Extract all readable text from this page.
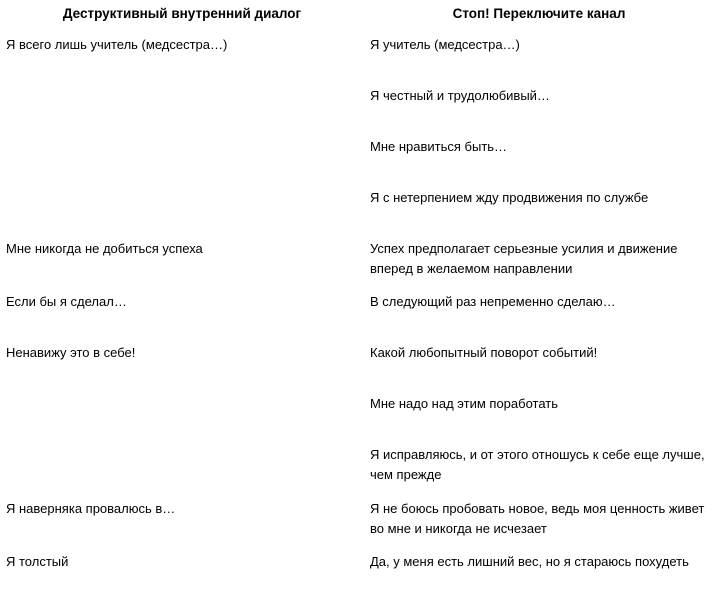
Деструктивный внутренний диалог	Стоп! Переключите канал
Я всего лишь учитель (медсестра…)	Я учитель (медсестра…)
	Я честный и трудолюбивый…
	Мне нравиться быть…
	Я с нетерпением жду продвижения по службе
Мне никогда не добиться успеха	Успех предполагает серьезные усилия и движение вперед в желаемом направлении
Если бы я сделал…	В следующий раз непременно сделаю…
Ненавижу это в себе!	Какой любопытный поворот событий!
	Мне надо над этим поработать
	Я исправляюсь, и от этого отношусь к себе еще лучше, чем прежде
Я наверняка провалюсь в…	Я не боюсь пробовать новое, ведь моя ценность живет во мне и никогда не исчезает
Я толстый	Да, у меня есть лишний вес, но я стараюсь похудеть
